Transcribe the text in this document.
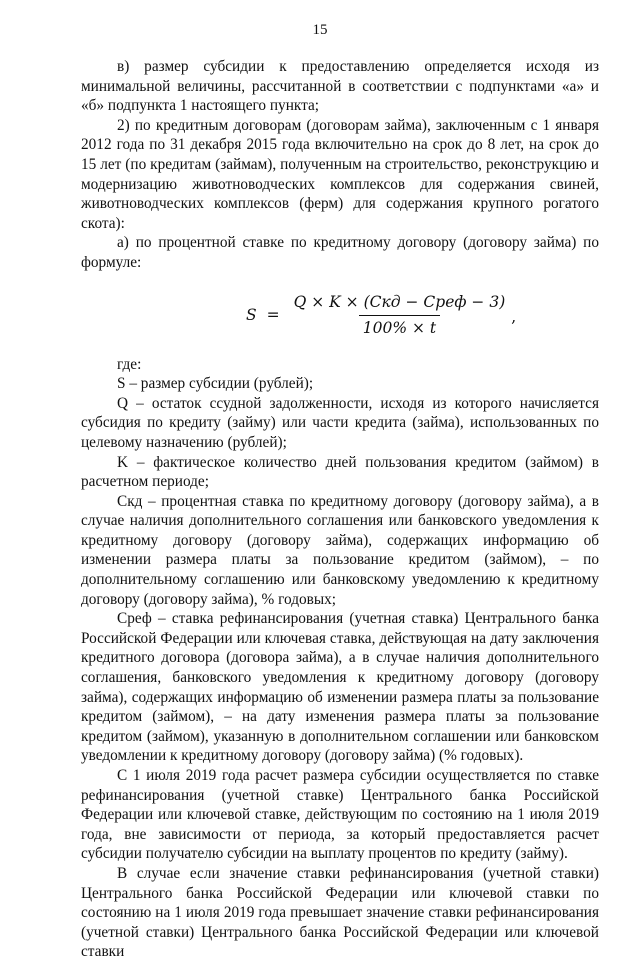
15

в) размер субсидии к предоставлению определяется исходя из минимальной величины, рассчитанной в соответствии с подпунктами «а» и «б» подпункта 1 настоящего пункта;

2) по кредитным договорам (договорам займа), заключенным с 1 января 2012 года по 31 декабря 2015 года включительно на срок до 8 лет, на срок до 15 лет (по кредитам (займам), полученным на строительство, реконструкцию и модернизацию животноводческих комплексов для содержания свиней, животноводческих комплексов (ферм) для содержания крупного рогатого скота):

а) по процентной ставке по кредитному договору (договору займа) по формуле:

$S = \frac{\text{Q × K × (Скд − Среф − 3)}}{100\% \times t}$ ,

где:

S – размер субсидии (рублей);

Q – остаток ссудной задолженности, исходя из которого начисляется субсидия по кредиту (займу) или части кредита (займа), использованных по целевому назначению (рублей);

K – фактическое количество дней пользования кредитом (займом) в расчетном периоде;

Скд – процентная ставка по кредитному договору (договору займа), а в случае наличия дополнительного соглашения или банковского уведомления к кредитному договору (договору займа), содержащих информацию об изменении размера платы за пользование кредитом (займом), – по дополнительному соглашению или банковскому уведомлению к кредитному договору (договору займа), % годовых;

Среф – ставка рефинансирования (учетная ставка) Центрального банка Российской Федерации или ключевая ставка, действующая на дату заключения кредитного договора (договора займа), а в случае наличия дополнительного соглашения, банковского уведомления к кредитному договору (договору займа), содержащих информацию об изменении размера платы за пользование кредитом (займом), – на дату изменения размера платы за пользование кредитом (займом), указанную в дополнительном соглашении или банковском уведомлении к кредитному договору (договору займа) (% годовых).

С 1 июля 2019 года расчет размера субсидии осуществляется по ставке рефинансирования (учетной ставке) Центрального банка Российской Федерации или ключевой ставке, действующим по состоянию на 1 июля 2019 года, вне зависимости от периода, за который предоставляется расчет субсидии получателю субсидии на выплату процентов по кредиту (займу).

В случае если значение ставки рефинансирования (учетной ставки) Центрального банка Российской Федерации или ключевой ставки по состоянию на 1 июля 2019 года превышает значение ставки рефинансирования (учетной ставки) Центрального банка Российской Федерации или ключевой ставки
